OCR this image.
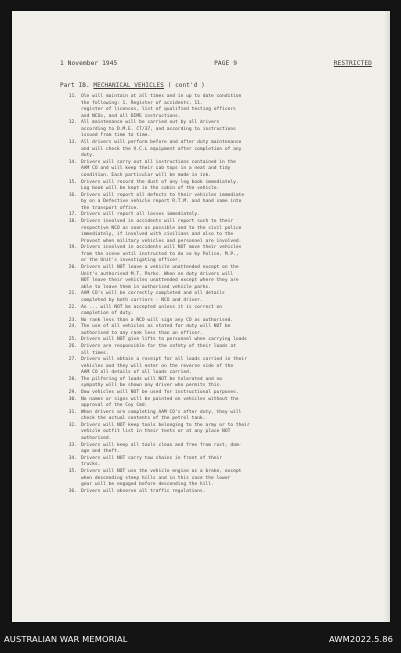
1 November 1945	PAGE 9	RESTRICTED
Part IB. MECHANICAL VEHICLES ( cont'd )
11. Ole will maintain at all times and in up to date condition
the following: 1. Register of accidents. 11.
register of licences, list of qualified testing officers
and NCOs, and all DIME instructions.
12. All maintenance will be carried out by all drivers
according to D.M.E. CT/37, and according to instructions
issued from time to time.
13. All drivers will perform before and after duty maintenance
and will check the V.C.L equipment after completion of any
duty.
14. Drivers will carry out all instructions contained in the
AAM CO and will keep their cab tops in a neat and tidy
condition. Each particular will be made in ink.
15. Drivers will record the dust of any log book immediately.
Log book will be kept in the cabin of the vehicle.
16. Drivers will report all defects to their vehicles immediate
by on a Defective vehicle report R.T.M. and hand same into
the transport office.
17. Drivers will report all losses immediately.
18. Drivers involved in accidents will report such to their
respective NCO as soon as possible and to the civil police
immediately, if involved with civilians and also to the
Provost when military vehicles and personnel are involved.
19. Drivers involved in accidents will NOT move their vehicles
from the scene until instructed to do so by Police, M.P.,
or the Unit's investigating officer.
20. Drivers will NOT leave a vehicle unattended except on the
Unit's authorised M.T. Parks. When on duty drivers will
NOT leave their vehicles unattended except where they are
able to leave them in authorised vehicle parks.
21. AAM CO's will be correctly completed and all details
completed by both carriers - NCO and driver.
22. An ... will NOT be accepted unless it is correct on
completion of duty.
23. No rank less than a NCO will sign any CO as authorised.
24. The use of all vehicles as stated for duty will NOT be
authorised to any rank less than an officer.
25. Drivers will NOT give lifts to personnel when carrying loads
26. Drivers are responsible for the safety of their loads at
all times.
27. Drivers will obtain a receipt for all loads carried in their
vehicles and they will enter on the reverse side of the
AAM CO all details of all loads carried.
28. The pilfering of loads will NOT be tolerated and no
sympathy will be shown any driver who permits this.
29. Dow vehicles will NOT be used for instructional purposes.
30. No names or signs will be painted on vehicles without the
approval of the Coy Cmd.
31. When drivers are completing AAM CO's after duty, they will
check the actual contents of the petrol tank.
32. Drivers will NOT keep tools belonging to the army or to their
vehicle outfit list in their tents or at any place NOT
authorised.
33. Drivers will keep all tools clean and free from rust, dam-
age and theft.
34. Drivers will NOT carry tow chains in front of their
trucks.
35. Drivers will NOT use the vehicle engine as a brake, except
when descending steep hills and in this case the lower
gear will be engaged before descending the hill.
36. Drivers will observe all traffic regulations.
AUSTRALIAN WAR MEMORIAL	AWM2022.5.86
